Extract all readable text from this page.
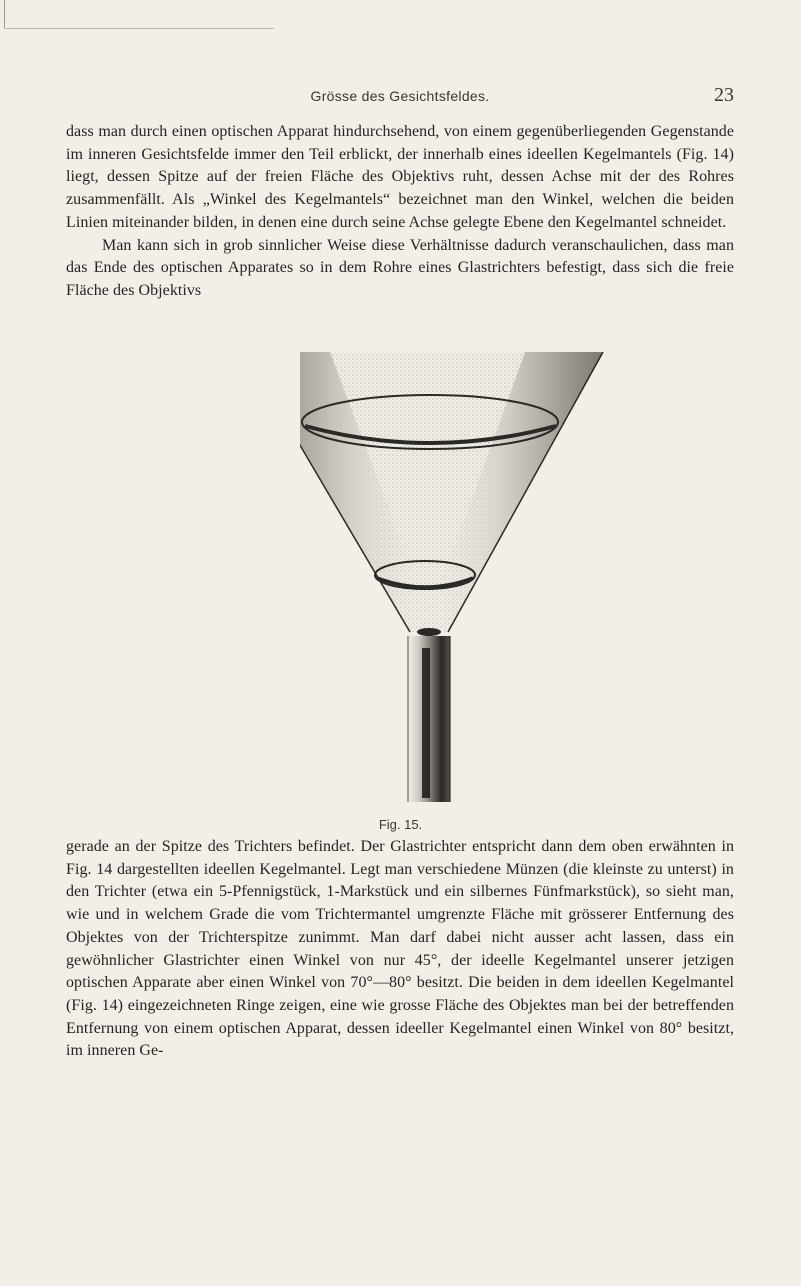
Grösse des Gesichtsfeldes.	23

dass man durch einen optischen Apparat hindurchsehend, von einem gegenüberliegenden Gegenstande im inneren Gesichtsfelde immer den Teil erblickt, der innerhalb eines ideellen Kegelmantels (Fig. 14) liegt, dessen Spitze auf der freien Fläche des Objektivs ruht, dessen Achse mit der des Rohres zusammenfällt. Als „Winkel des Kegelmantels“ bezeichnet man den Winkel, welchen die beiden Linien miteinander bilden, in denen eine durch seine Achse gelegte Ebene den Kegelmantel schneidet.

Man kann sich in grob sinnlicher Weise diese Verhältnisse dadurch veranschaulichen, dass man das Ende des optischen Apparates so in dem Rohre eines Glastrichters befestigt, dass sich die freie Fläche des Objektivs

Fig. 15.

gerade an der Spitze des Trichters befindet. Der Glastrichter entspricht dann dem oben erwähnten in Fig. 14 dargestellten ideellen Kegelmantel. Legt man verschiedene Münzen (die kleinste zu unterst) in den Trichter (etwa ein 5-Pfennigstück, 1-Markstück und ein silbernes Fünfmarkstück), so sieht man, wie und in welchem Grade die vom Trichtermantel umgrenzte Fläche mit grösserer Entfernung des Objektes von der Trichterspitze zunimmt. Man darf dabei nicht ausser acht lassen, dass ein gewöhnlicher Glastrichter einen Winkel von nur 45°, der ideelle Kegelmantel unserer jetzigen optischen Apparate aber einen Winkel von 70°—80° besitzt. Die beiden in dem ideellen Kegelmantel (Fig. 14) eingezeichneten Ringe zeigen, eine wie grosse Fläche des Objektes man bei der betreffenden Entfernung von einem optischen Apparat, dessen ideeller Kegelmantel einen Winkel von 80° besitzt, im inneren Ge-
